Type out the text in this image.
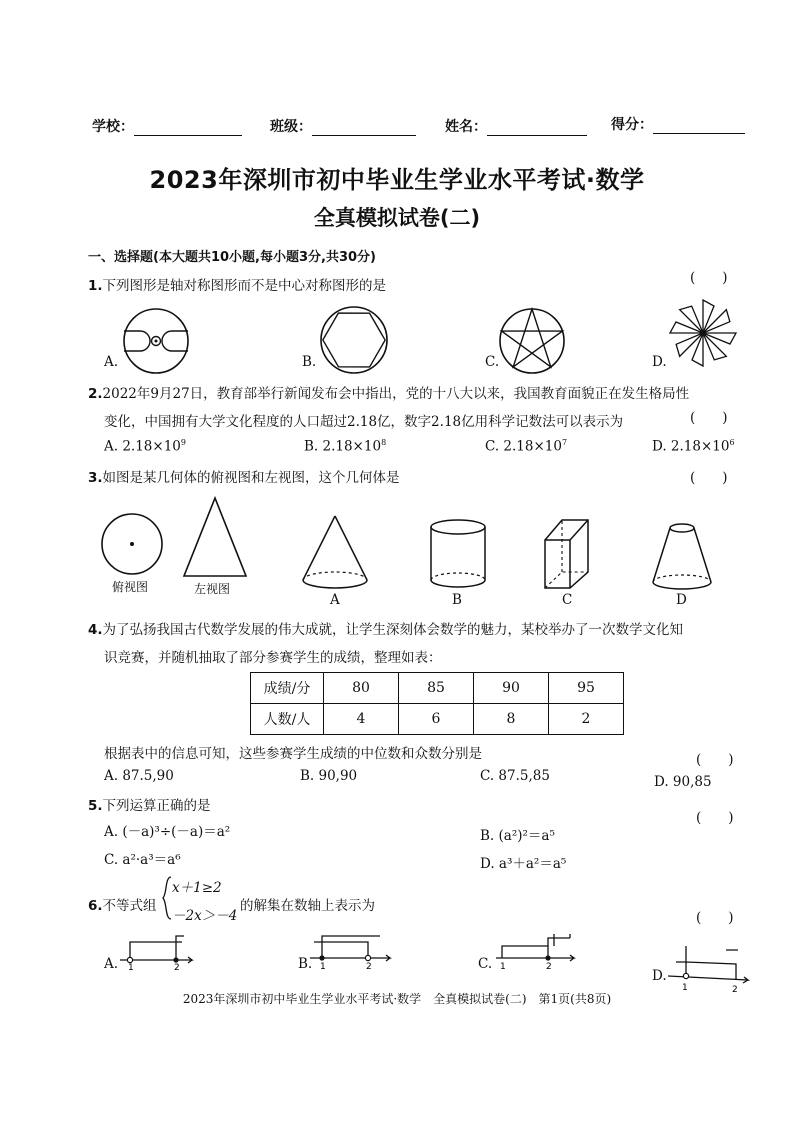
学校：	班级：	姓名：	得分：
2023年深圳市初中毕业生学业水平考试·数学
全真模拟试卷(二)
一、选择题(本大题共10小题,每小题3分,共30分)
1.下列图形是轴对称图形而不是中心对称图形的是	(　　)
A.	B.	C.	D.
2.2022年9月27日，教育部举行新闻发布会中指出，党的十八大以来，我国教育面貌正在发生格局性
变化，中国拥有大学文化程度的人口超过2.18亿，数字2.18亿用科学记数法可以表示为	(　　)
A. $2.18\times 10^9$	B. $2.18\times 10^8$	C. $2.18\times 10^7$	D. $2.18\times 10^6$
3.如图是某几何体的俯视图和左视图，这个几何体是	(　　)
俯视图	左视图
A	B	C	D
4.为了弘扬我国古代数学发展的伟大成就，让学生深刻体会数学的魅力，某校举办了一次数学文化知
识竞赛，并随机抽取了部分参赛学生的成绩，整理如表：
成绩/分	80	85	90	95
人数/人	4	6	8	2
根据表中的信息可知，这些参赛学生成绩的中位数和众数分别是	(　　)
A. 87.5,90	B. 90,90	C. 87.5,85	D. 90,85
5.下列运算正确的是
(　　)
A. (－a)³÷(－a)＝a²	B. (a²)²＝a⁵
C. a²·a³＝a⁶	D. a³＋a²＝a⁵
6.不等式组
x＋1≥2
－2x＞－4
的解集在数轴上表示为
(　　)
A. 1	2	B. 1	2	C. 1	2
D.
1	2
2023年深圳市初中毕业生学业水平考试·数学　全真模拟试卷(二)　第1页(共8页)
